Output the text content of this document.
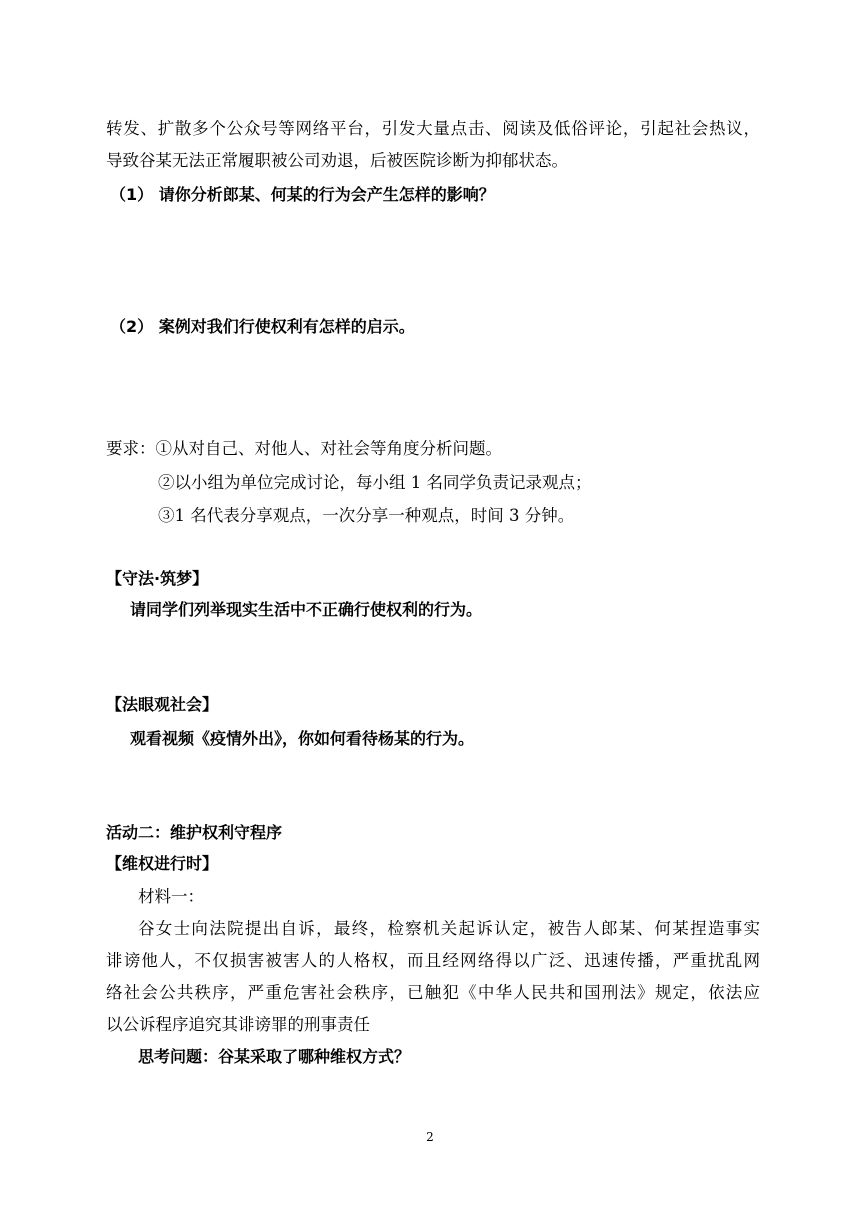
转发、扩散多个公众号等网络平台，引发大量点击、阅读及低俗评论，引起社会热议，
导致谷某无法正常履职被公司劝退，后被医院诊断为抑郁状态。
（1） 请你分析郎某、何某的行为会产生怎样的影响？
（2） 案例对我们行使权利有怎样的启示。
要求：①从对自己、对他人、对社会等角度分析问题。
②以小组为单位完成讨论，每小组 1 名同学负责记录观点；
③1 名代表分享观点，一次分享一种观点，时间 3 分钟。
【守法·筑梦】
请同学们列举现实生活中不正确行使权利的行为。
【法眼观社会】
观看视频《疫情外出》，你如何看待杨某的行为。
活动二：维护权利守程序
【维权进行时】
材料一：
谷女士向法院提出自诉，最终，检察机关起诉认定，被告人郎某、何某捏造事实
诽谤他人，不仅损害被害人的人格权，而且经网络得以广泛、迅速传播，严重扰乱网
络社会公共秩序，严重危害社会秩序，已触犯《中华人民共和国刑法》规定，依法应
以公诉程序追究其诽谤罪的刑事责任
思考问题：谷某采取了哪种维权方式？
2
